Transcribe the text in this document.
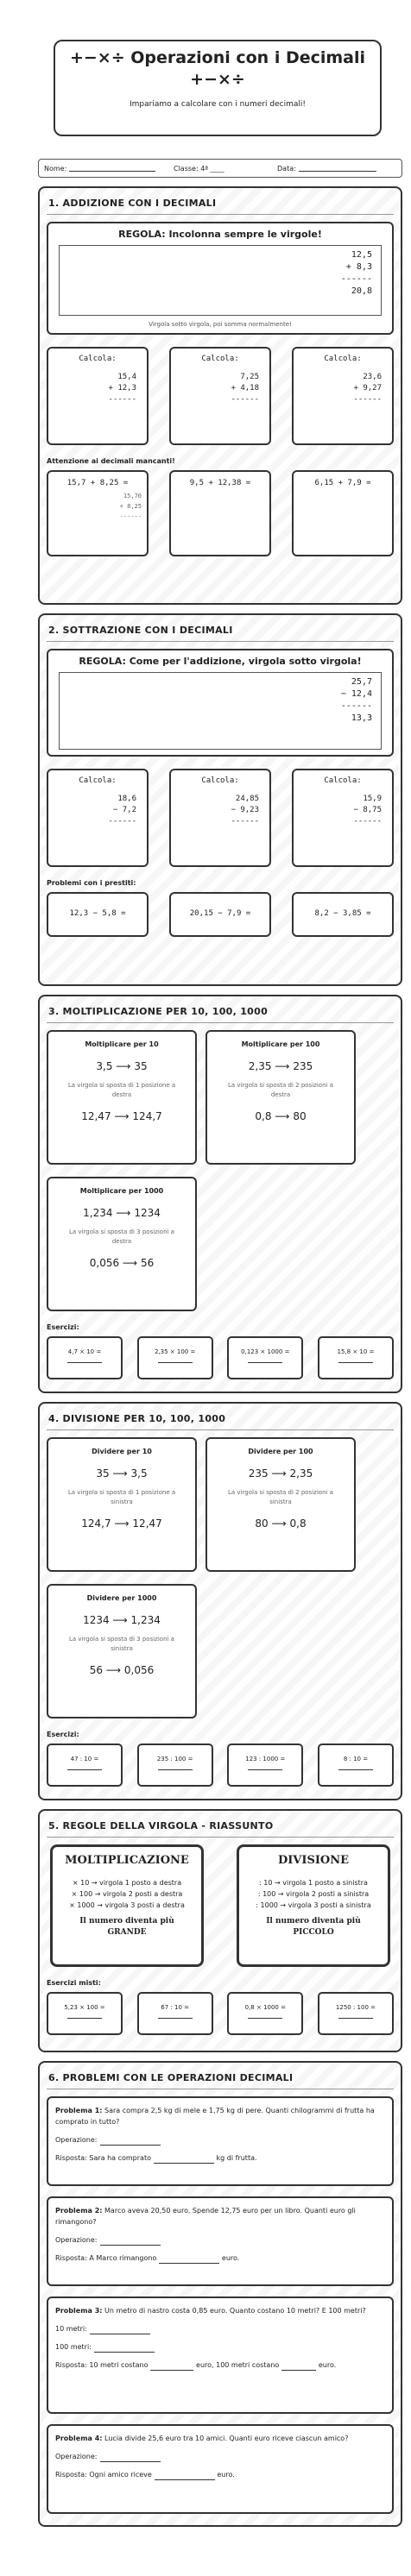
+−×÷ Operazioni con i Decimali
+−×÷
Impariamo a calcolare con i numeri decimali!
Nome:	Classe: 4ª ____	Data:
1. ADDIZIONE CON I DECIMALI
REGOLA: Incolonna sempre le virgole!
12,5
+ 8,3
------
20,8
Virgola sotto virgola, poi somma normalmente!
Calcola:
15,4
+ 12,3
------
Calcola:
7,25
+ 4,18
------
Calcola:
23,6
+ 9,27
------
Attenzione ai decimali mancanti!
15,7 + 8,25 =
15,70
+ 8,25
------
9,5 + 12,38 =	6,15 + 7,9 =
2. SOTTRAZIONE CON I DECIMALI
REGOLA: Come per l'addizione, virgola sotto virgola!
25,7
− 12,4
------
13,3
Calcola:
18,6
− 7,2
------
Calcola:
24,85
− 9,23
------
Calcola:
15,9
− 8,75
------
Problemi con i prestiti:
12,3 − 5,8 =	20,15 − 7,9 =	8,2 − 3,85 =
3. MOLTIPLICAZIONE PER 10, 100, 1000
Moltiplicare per 10
3,5 ⟶ 35
La virgola si sposta di 1 posizione a destra
12,47 ⟶ 124,7
Moltiplicare per 100
2,35 ⟶ 235
La virgola si sposta di 2 posizioni a destra
0,8 ⟶ 80
Moltiplicare per 1000
1,234 ⟶ 1234
La virgola si sposta di 3 posizioni a destra
0,056 ⟶ 56
Esercizi:
4,7 × 10 =	2,35 × 100 =	0,123 × 1000 =	15,8 × 10 =
4. DIVISIONE PER 10, 100, 1000
Dividere per 10
35 ⟶ 3,5
La virgola si sposta di 1 posizione a sinistra
124,7 ⟶ 12,47
Dividere per 100
235 ⟶ 2,35
La virgola si sposta di 2 posizioni a sinistra
80 ⟶ 0,8
Dividere per 1000
1234 ⟶ 1,234
La virgola si sposta di 3 posizioni a sinistra
56 ⟶ 0,056
Esercizi:
47 : 10 =	235 : 100 =	123 : 1000 =	8 : 10 =
5. REGOLE DELLA VIRGOLA - RIASSUNTO
MOLTIPLICAZIONE
× 10 → virgola 1 posto a destra
× 100 → virgola 2 posti a destra
× 1000 → virgola 3 posti a destra
Il numero diventa più
GRANDE
DIVISIONE
: 10 → virgola 1 posto a sinistra
: 100 → virgola 2 posti a sinistra
: 1000 → virgola 3 posti a sinistra
Il numero diventa più
PICCOLO
Esercizi misti:
5,23 × 100 =	67 : 10 =	0,8 × 1000 =	1250 : 100 =
6. PROBLEMI CON LE OPERAZIONI DECIMALI
Problema 1: Sara compra 2,5 kg di mele e 1,75 kg di pere. Quanti chilogrammi di frutta ha comprato in tutto?
Operazione:
Risposta: Sara ha comprato	kg di frutta.
Problema 2: Marco aveva 20,50 euro. Spende 12,75 euro per un libro. Quanti euro gli rimangono?
Operazione:
Risposta: A Marco rimangono	euro.
Problema 3: Un metro di nastro costa 0,85 euro. Quanto costano 10 metri? E 100 metri?
10 metri:
100 metri:
Risposta: 10 metri costano	euro, 100 metri costano	euro.
Problema 4: Lucia divide 25,6 euro tra 10 amici. Quanti euro riceve ciascun amico?
Operazione:
Risposta: Ogni amico riceve	euro.
